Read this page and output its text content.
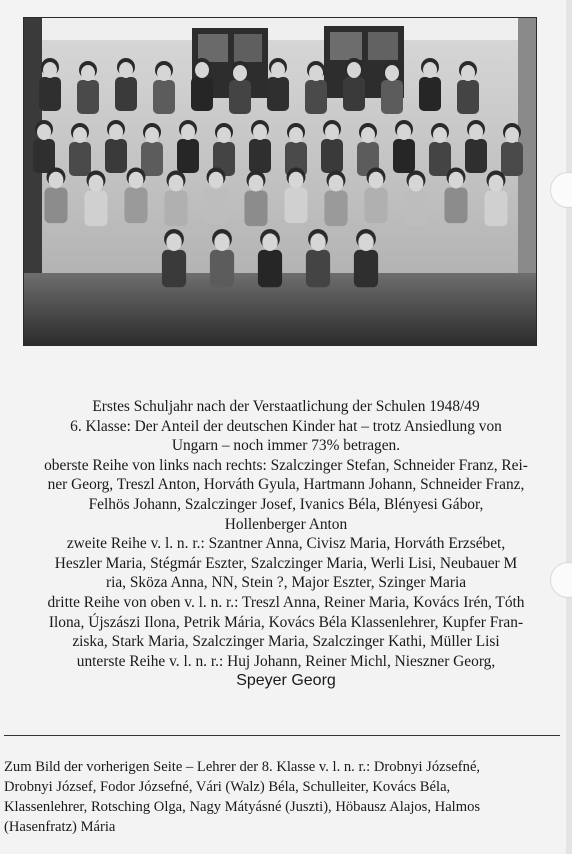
Erstes Schuljahr nach der Verstaatlichung der Schulen 1948/49
6. Klasse: Der Anteil der deutschen Kinder hat – trotz Ansiedlung von
Ungarn – noch immer 73% betragen.
oberste Reihe von links nach rechts: Szalczinger Stefan, Schneider Franz, Rei-
ner Georg, Treszl Anton, Horváth Gyula, Hartmann Johann, Schneider Franz,
Felhös Johann, Szalczinger Josef, Ivanics Béla, Blényesi Gábor,
Hollenberger Anton
zweite Reihe v. l. n. r.: Szantner Anna, Civisz Maria, Horváth Erzsébet,
Heszler Maria, Stégmár Eszter, Szalczinger Maria, Werli Lisi, Neubauer M
ria, Sköza Anna, NN, Stein ?, Major Eszter, Szinger Maria
dritte Reihe von oben v. l. n. r.: Treszl Anna, Reiner Maria, Kovács Irén, Tóth
Ilona, Újszászi Ilona, Petrik Mária, Kovács Béla Klassenlehrer, Kupfer Fran-
ziska, Stark Maria, Szalczinger Maria, Szalczinger Kathi, Müller Lisi
unterste Reihe v. l. n. r.: Huj Johann, Reiner Michl, Nieszner Georg,
Speyer Georg
Zum Bild der vorherigen Seite – Lehrer der 8. Klasse v. l. n. r.: Drobnyi Józsefné,
Drobnyi József, Fodor Józsefné, Vári (Walz) Béla, Schulleiter, Kovács Béla,
Klassenlehrer, Rotsching Olga, Nagy Mátyásné (Juszti), Höbausz Alajos, Halmos
(Hasenfratz) Mária
